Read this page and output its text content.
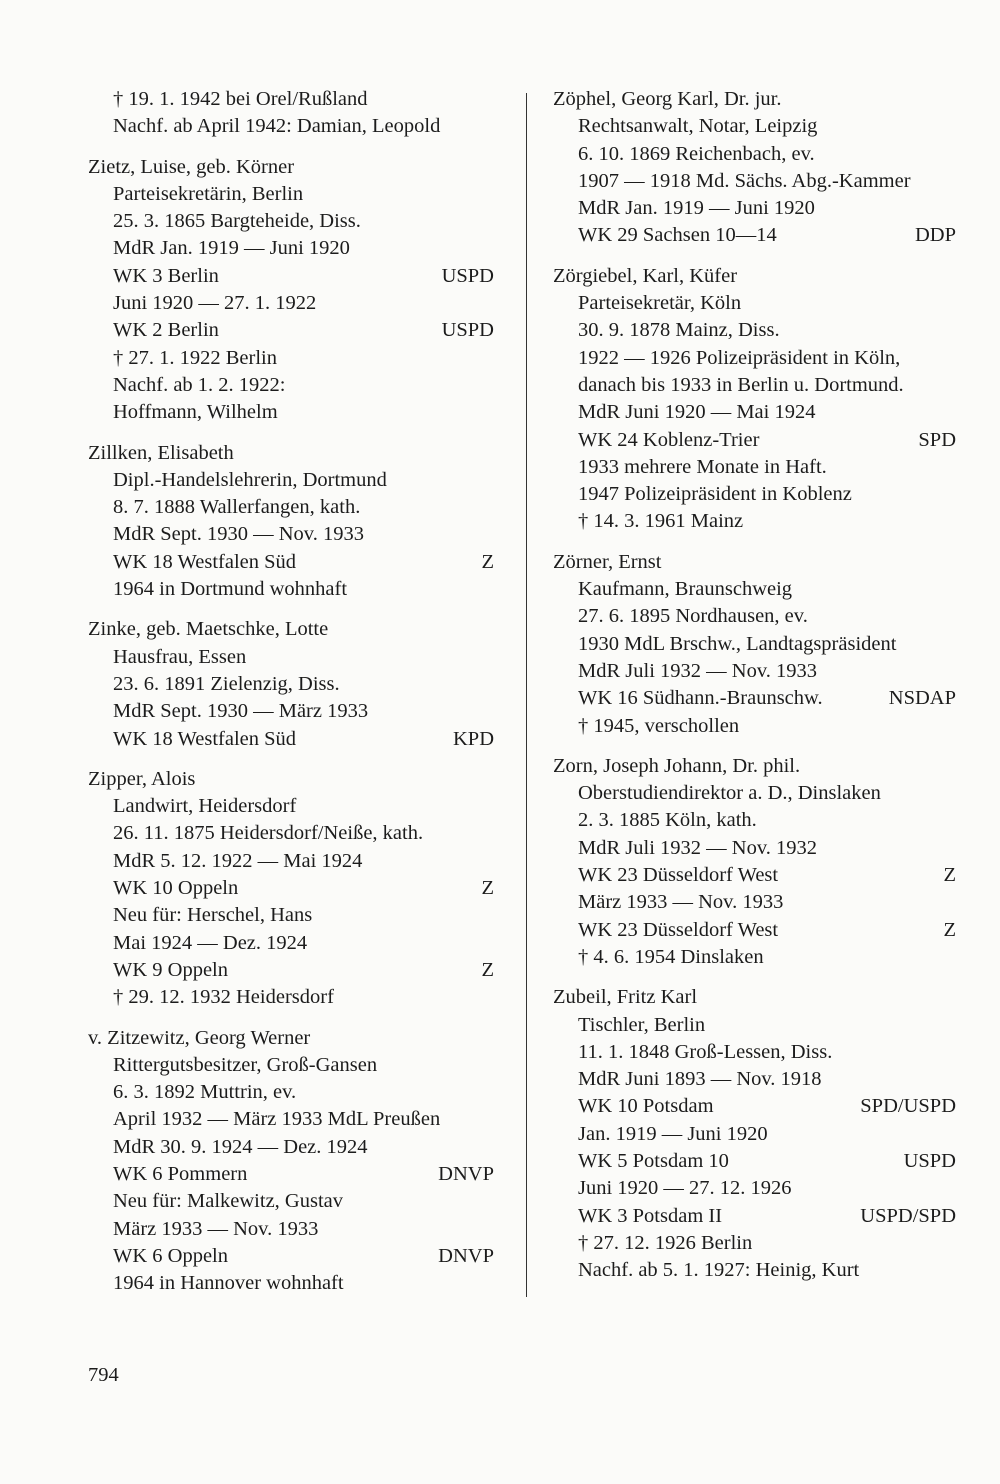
† 19. 1. 1942 bei Orel/Rußland
Nachf. ab April 1942: Damian, Leopold
Zietz, Luise, geb. Körner
Parteisekretärin, Berlin
25. 3. 1865 Bargteheide, Diss.
MdR Jan. 1919 — Juni 1920
WK 3 Berlin	USPD
Juni 1920 — 27. 1. 1922
WK 2 Berlin	USPD
† 27. 1. 1922 Berlin
Nachf. ab 1. 2. 1922:
Hoffmann, Wilhelm
Zillken, Elisabeth
Dipl.-Handelslehrerin, Dortmund
8. 7. 1888 Wallerfangen, kath.
MdR Sept. 1930 — Nov. 1933
WK 18 Westfalen Süd	Z
1964 in Dortmund wohnhaft
Zinke, geb. Maetschke, Lotte
Hausfrau, Essen
23. 6. 1891 Zielenzig, Diss.
MdR Sept. 1930 — März 1933
WK 18 Westfalen Süd	KPD
Zipper, Alois
Landwirt, Heidersdorf
26. 11. 1875 Heidersdorf/Neiße, kath.
MdR 5. 12. 1922 — Mai 1924
WK 10 Oppeln	Z
Neu für: Herschel, Hans
Mai 1924 — Dez. 1924
WK 9 Oppeln	Z
† 29. 12. 1932 Heidersdorf
v. Zitzewitz, Georg Werner
Rittergutsbesitzer, Groß-Gansen
6. 3. 1892 Muttrin, ev.
April 1932 — März 1933 MdL Preußen
MdR 30. 9. 1924 — Dez. 1924
WK 6 Pommern	DNVP
Neu für: Malkewitz, Gustav
März 1933 — Nov. 1933
WK 6 Oppeln	DNVP
1964 in Hannover wohnhaft
Zöphel, Georg Karl, Dr. jur.
Rechtsanwalt, Notar, Leipzig
6. 10. 1869 Reichenbach, ev.
1907 — 1918 Md. Sächs. Abg.-Kammer
MdR Jan. 1919 — Juni 1920
WK 29 Sachsen 10—14	DDP
Zörgiebel, Karl, Küfer
Parteisekretär, Köln
30. 9. 1878 Mainz, Diss.
1922 — 1926 Polizeipräsident in Köln,
danach bis 1933 in Berlin u. Dortmund.
MdR Juni 1920 — Mai 1924
WK 24 Koblenz-Trier	SPD
1933 mehrere Monate in Haft.
1947 Polizeipräsident in Koblenz
† 14. 3. 1961 Mainz
Zörner, Ernst
Kaufmann, Braunschweig
27. 6. 1895 Nordhausen, ev.
1930 MdL Brschw., Landtagspräsident
MdR Juli 1932 — Nov. 1933
WK 16 Südhann.-Braunschw.	NSDAP
† 1945, verschollen
Zorn, Joseph Johann, Dr. phil.
Oberstudiendirektor a. D., Dinslaken
2. 3. 1885 Köln, kath.
MdR Juli 1932 — Nov. 1932
WK 23 Düsseldorf West	Z
März 1933 — Nov. 1933
WK 23 Düsseldorf West	Z
† 4. 6. 1954 Dinslaken
Zubeil, Fritz Karl
Tischler, Berlin
11. 1. 1848 Groß-Lessen, Diss.
MdR Juni 1893 — Nov. 1918
WK 10 Potsdam	SPD/USPD
Jan. 1919 — Juni 1920
WK 5 Potsdam 10	USPD
Juni 1920 — 27. 12. 1926
WK 3 Potsdam II	USPD/SPD
† 27. 12. 1926 Berlin
Nachf. ab 5. 1. 1927: Heinig, Kurt
794
